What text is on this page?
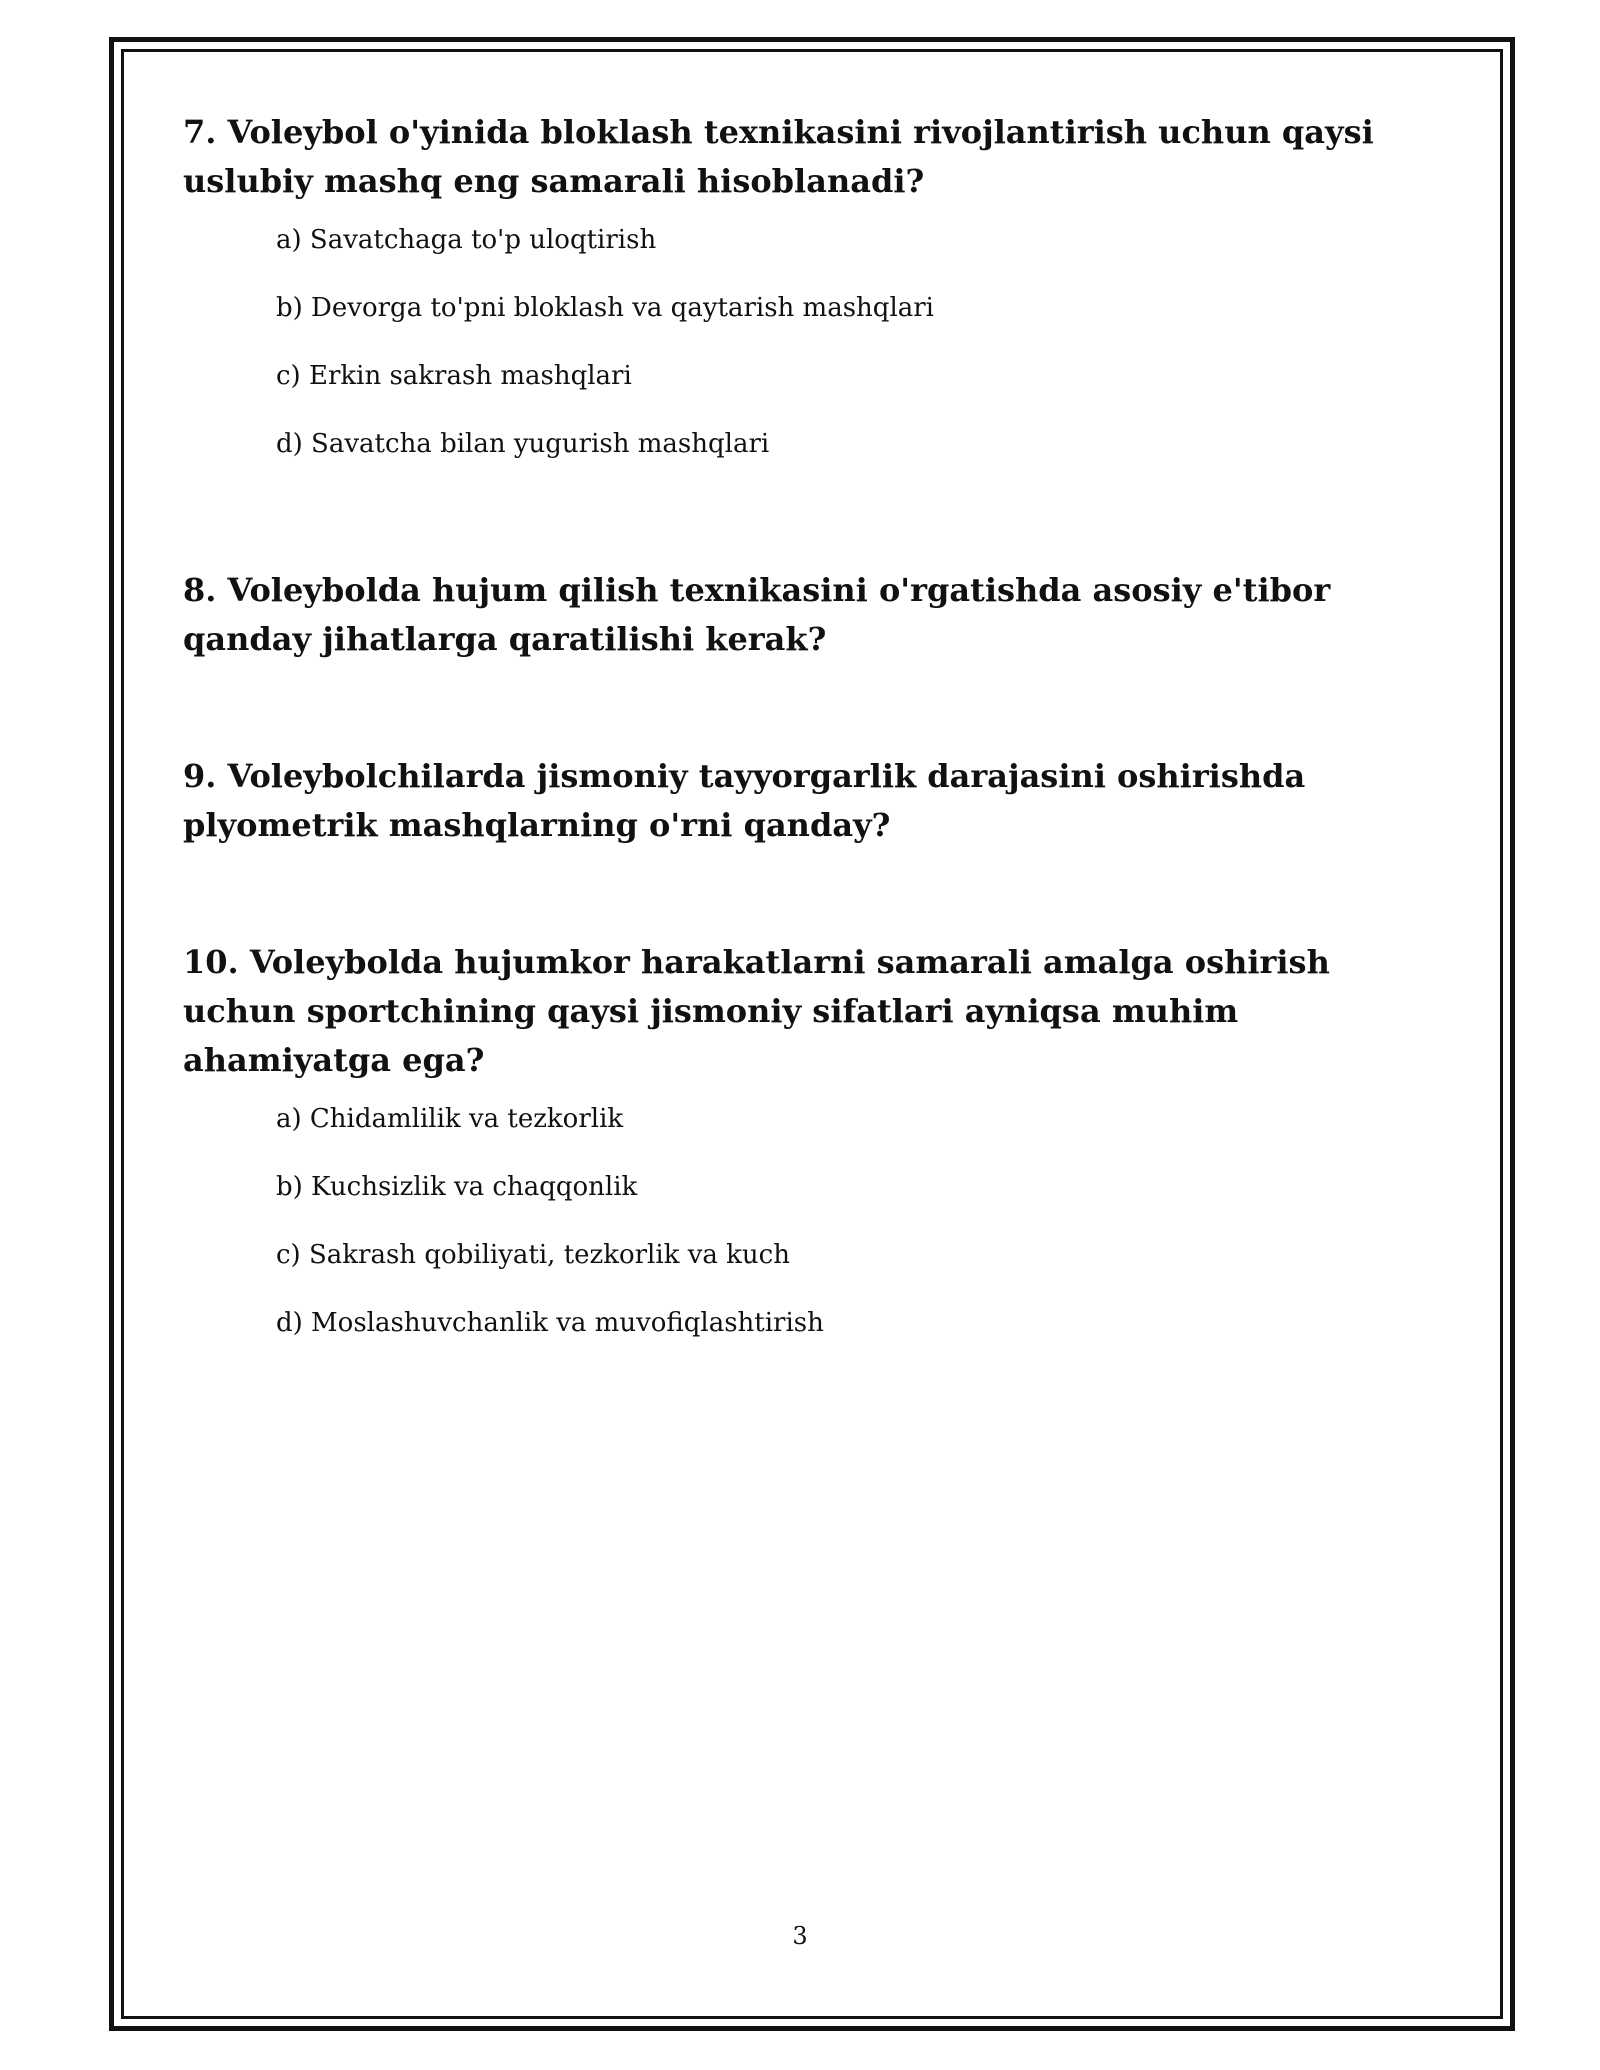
7. Voleybol o'yinida bloklash texnikasini rivojlantirish uchun qaysi uslubiy mashq eng samarali hisoblanadi?

a) Savatchaga to'p uloqtirish
b) Devorga to'pni bloklash va qaytarish mashqlari
c) Erkin sakrash mashqlari
d) Savatcha bilan yugurish mashqlari

8. Voleybolda hujum qilish texnikasini o'rgatishda asosiy e'tibor qanday jihatlarga qaratilishi kerak?

9. Voleybolchilarda jismoniy tayyorgarlik darajasini oshirishda plyometrik mashqlarning o'rni qanday?

10. Voleybolda hujumkor harakatlarni samarali amalga oshirish uchun sportchining qaysi jismoniy sifatlari ayniqsa muhim ahamiyatga ega?

a) Chidamlilik va tezkorlik
b) Kuchsizlik va chaqqonlik
c) Sakrash qobiliyati, tezkorlik va kuch
d) Moslashuvchanlik va muvofiqlashtirish
3
